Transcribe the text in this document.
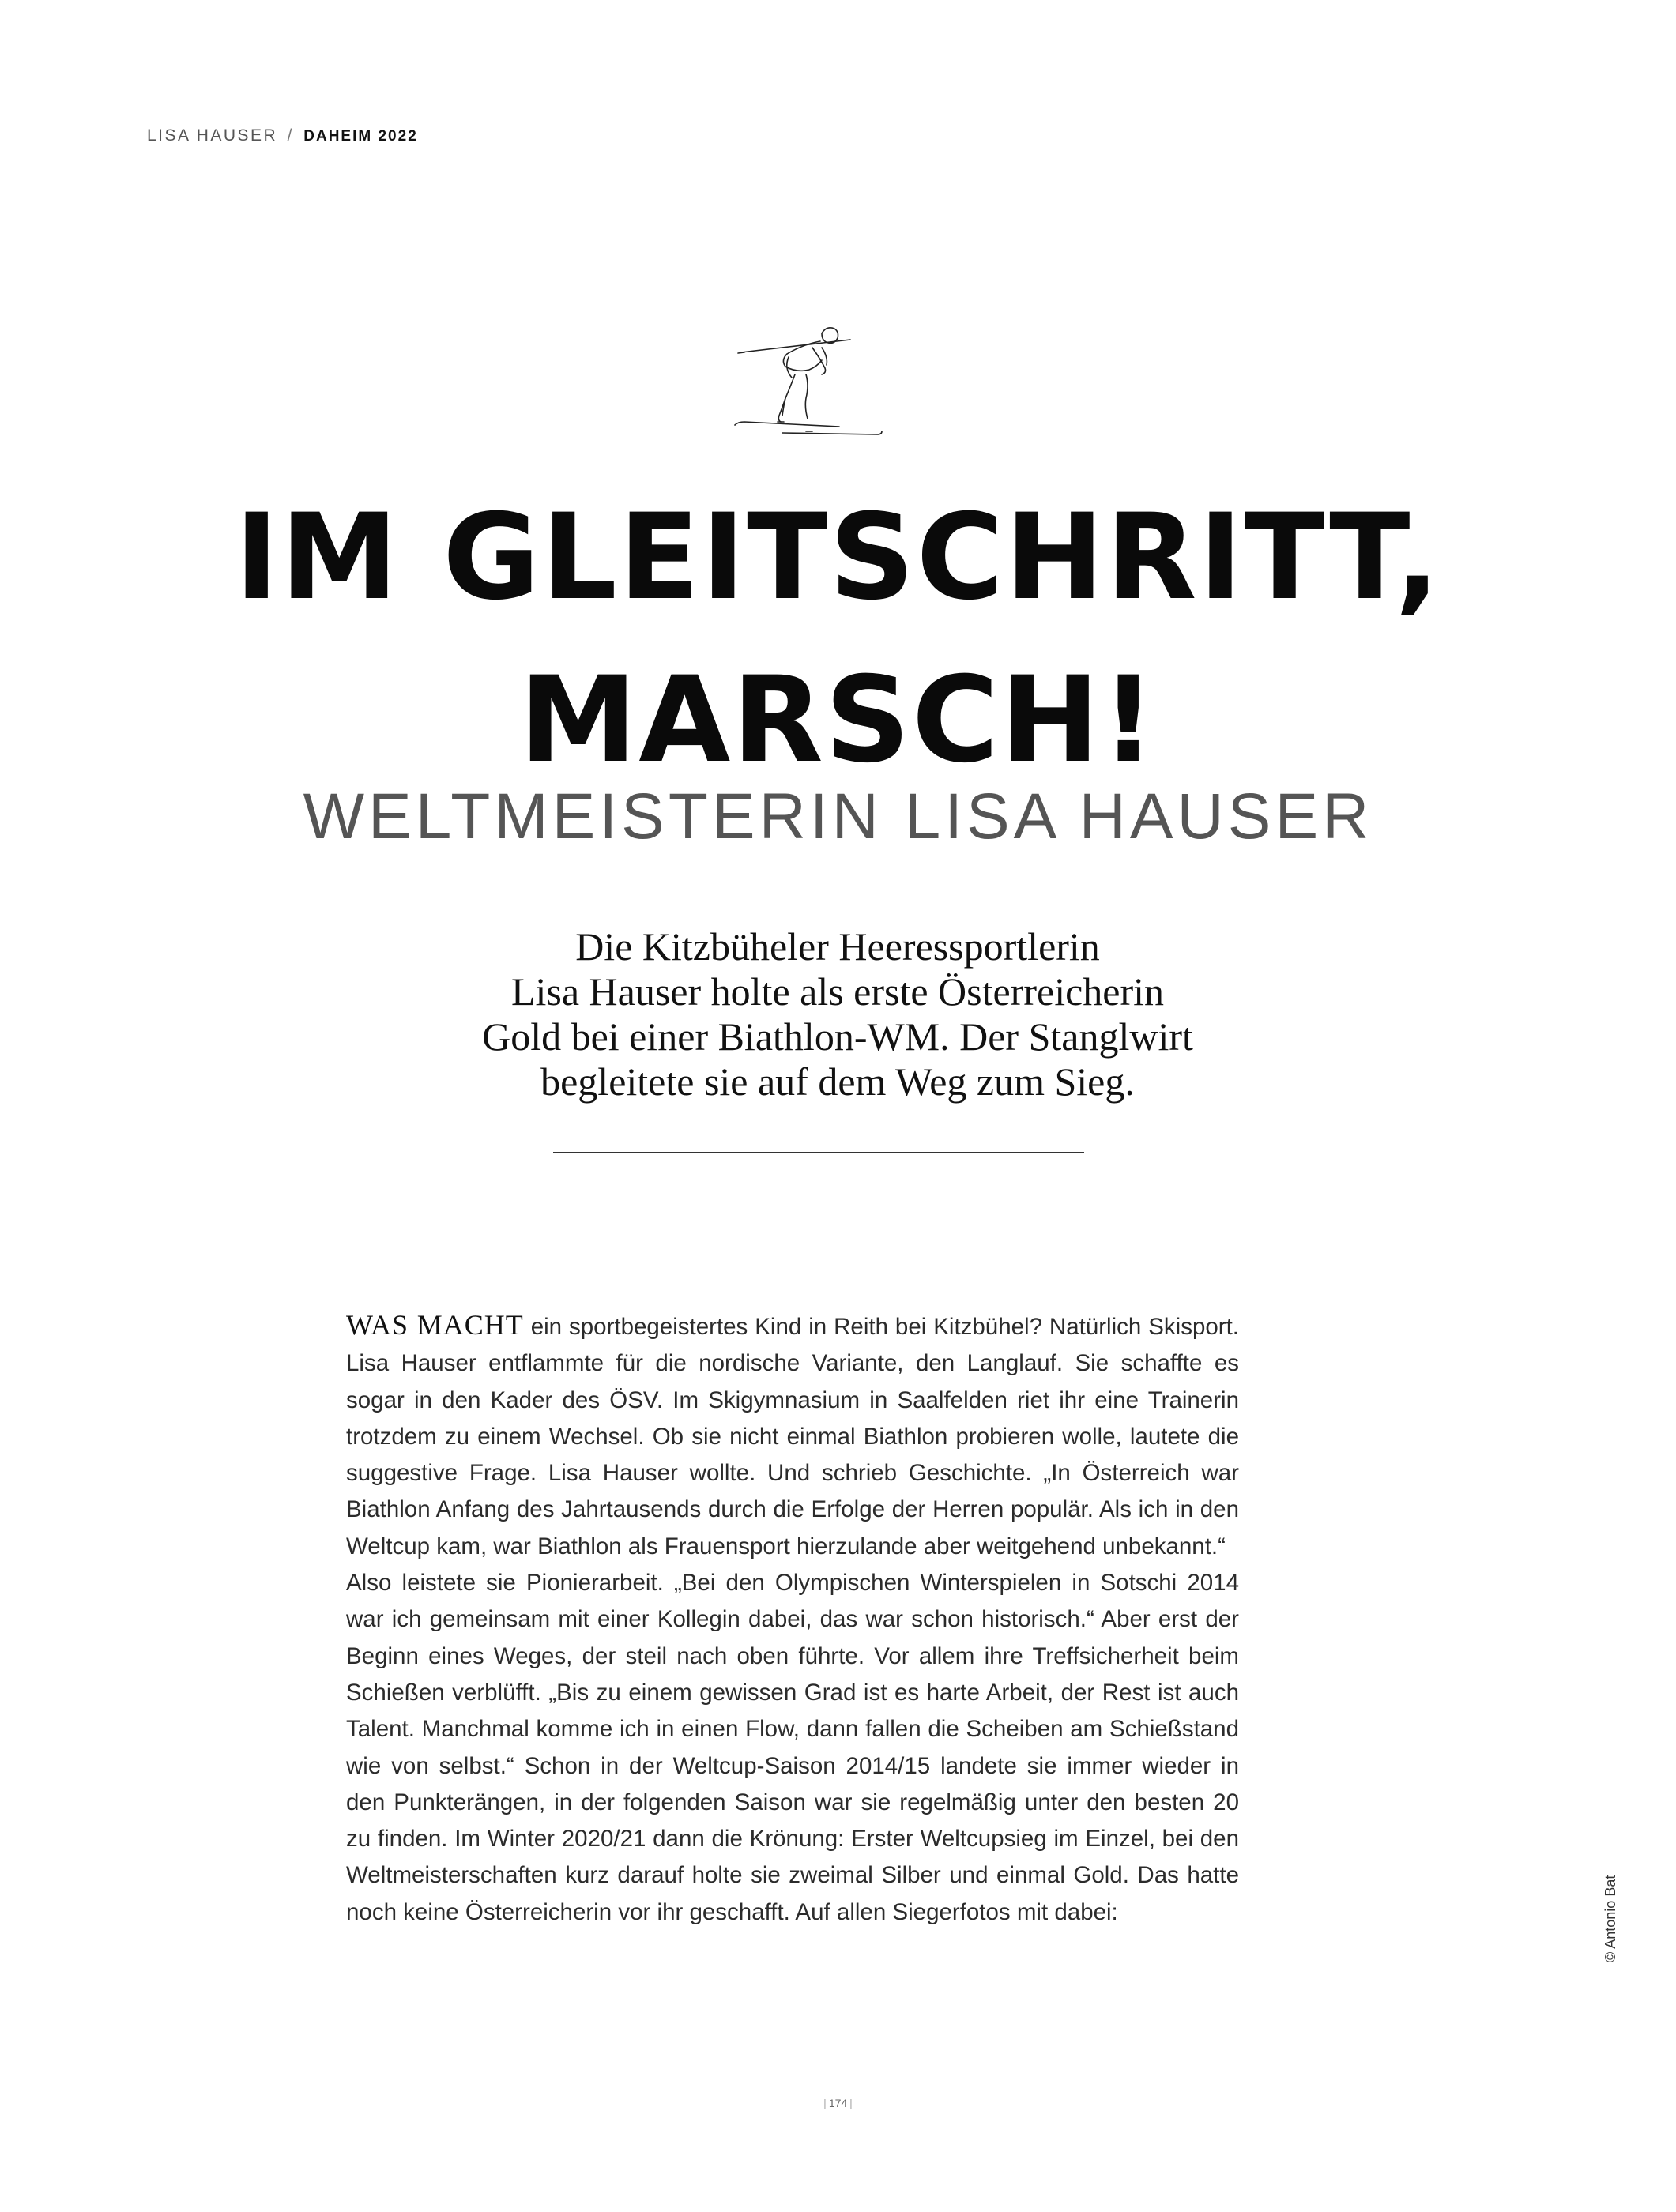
LISA HAUSER / DAHEIM 2022
IM GLEITSCHRITT,
MARSCH!
WELTMEISTERIN LISA HAUSER
Die Kitzbüheler Heeressportlerin
Lisa Hauser holte als erste Österreicherin
Gold bei einer Biathlon-WM. Der Stanglwirt
begleitete sie auf dem Weg zum Sieg.

WAS MACHT ein sportbegeistertes Kind in Reith bei Kitzbühel? Natürlich Skisport. Lisa Hauser entflammte für die nordische Variante, den Langlauf. Sie schaffte es sogar in den Kader des ÖSV. Im Skigymnasium in Saalfelden riet ihr eine Trainerin trotzdem zu einem Wechsel. Ob sie nicht einmal Biathlon probieren wolle, lautete die suggestive Frage. Lisa Hauser wollte. Und schrieb Geschichte. „In Österreich war Biathlon Anfang des Jahrtausends durch die Erfolge der Herren populär. Als ich in den Weltcup kam, war Biathlon als Frauensport hierzulande aber weitgehend unbekannt.“

Also leistete sie Pionierarbeit. „Bei den Olympischen Winterspielen in Sotschi 2014 war ich gemeinsam mit einer Kollegin dabei, das war schon historisch.“ Aber erst der Beginn eines Weges, der steil nach oben führte. Vor allem ihre Treffsicherheit beim Schießen verblüfft. „Bis zu einem gewissen Grad ist es harte Arbeit, der Rest ist auch Talent. Manchmal komme ich in einen Flow, dann fallen die Scheiben am Schießstand wie von selbst.“ Schon in der Weltcup-Saison 2014/15 landete sie immer wieder in den Punkterängen, in der folgenden Saison war sie regelmäßig unter den besten 20 zu finden. Im Winter 2020/21 dann die Krönung: Erster Weltcupsieg im Einzel, bei den Weltmeisterschaften kurz darauf holte sie zweimal Silber und einmal Gold. Das hatte noch keine Österreicherin vor ihr geschafft. Auf allen Siegerfotos mit dabei:	© Antonio Bat
| 174 |
